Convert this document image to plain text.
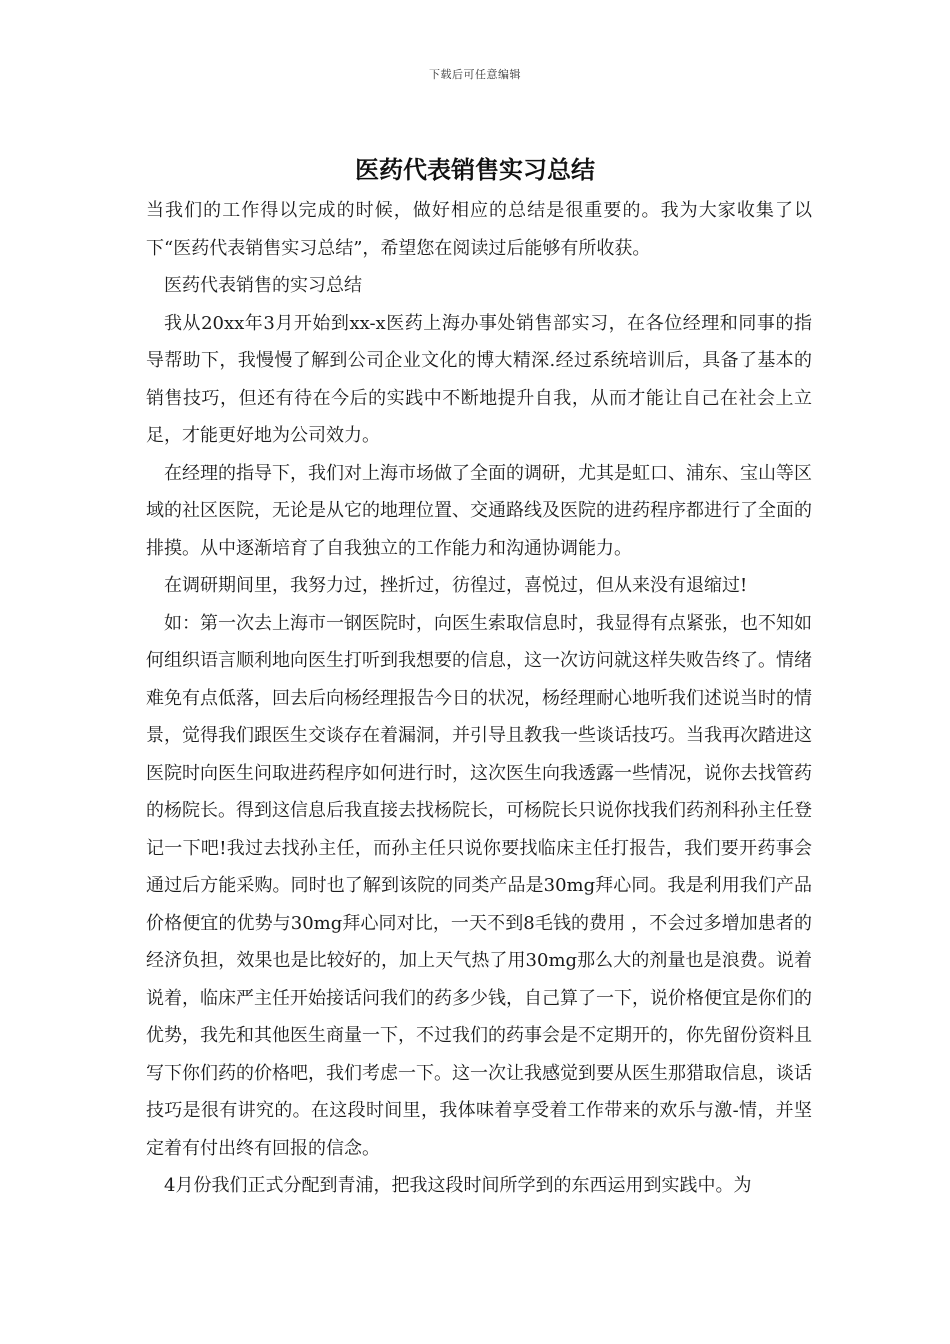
下载后可任意编辑
医药代表销售实习总结

当我们的工作得以完成的时候，做好相应的总结是很重要的。我为大家收集了以下“医药代表销售实习总结”，希望您在阅读过后能够有所收获。

医药代表销售的实习总结

我从20xx年3月开始到xx-x医药上海办事处销售部实习，在各位经理和同事的指导帮助下，我慢慢了解到公司企业文化的博大精深.经过系统培训后，具备了基本的销售技巧，但还有待在今后的实践中不断地提升自我，从而才能让自己在社会上立足，才能更好地为公司效力。

在经理的指导下，我们对上海市场做了全面的调研，尤其是虹口、浦东、宝山等区域的社区医院，无论是从它的地理位置、交通路线及医院的进药程序都进行了全面的排摸。从中逐渐培育了自我独立的工作能力和沟通协调能力。

在调研期间里，我努力过，挫折过，彷徨过，喜悦过，但从来没有退缩过!

如：第一次去上海市一钢医院时，向医生索取信息时，我显得有点紧张，也不知如何组织语言顺利地向医生打听到我想要的信息，这一次访问就这样失败告终了。情绪难免有点低落，回去后向杨经理报告今日的状况，杨经理耐心地听我们述说当时的情景，觉得我们跟医生交谈存在着漏洞，并引导且教我一些谈话技巧。当我再次踏进这医院时向医生问取进药程序如何进行时，这次医生向我透露一些情况，说你去找管药的杨院长。得到这信息后我直接去找杨院长，可杨院长只说你找我们药剂科孙主任登记一下吧!我过去找孙主任，而孙主任只说你要找临床主任打报告，我们要开药事会通过后方能采购。同时也了解到该院的同类产品是30mg拜心同。我是利用我们产品价格便宜的优势与30mg拜心同对比，一天不到8毛钱的费用 ，不会过多增加患者的经济负担，效果也是比较好的，加上天气热了用30mg那么大的剂量也是浪费。说着说着，临床严主任开始接话问我们的药多少钱，自己算了一下，说价格便宜是你们的优势，我先和其他医生商量一下，不过我们的药事会是不定期开的，你先留份资料且写下你们药的价格吧，我们考虑一下。这一次让我感觉到要从医生那猎取信息，谈话技巧是很有讲究的。在这段时间里，我体味着享受着工作带来的欢乐与激-情，并坚定着有付出终有回报的信念。

4月份我们正式分配到青浦，把我这段时间所学到的东西运用到实践中。为
